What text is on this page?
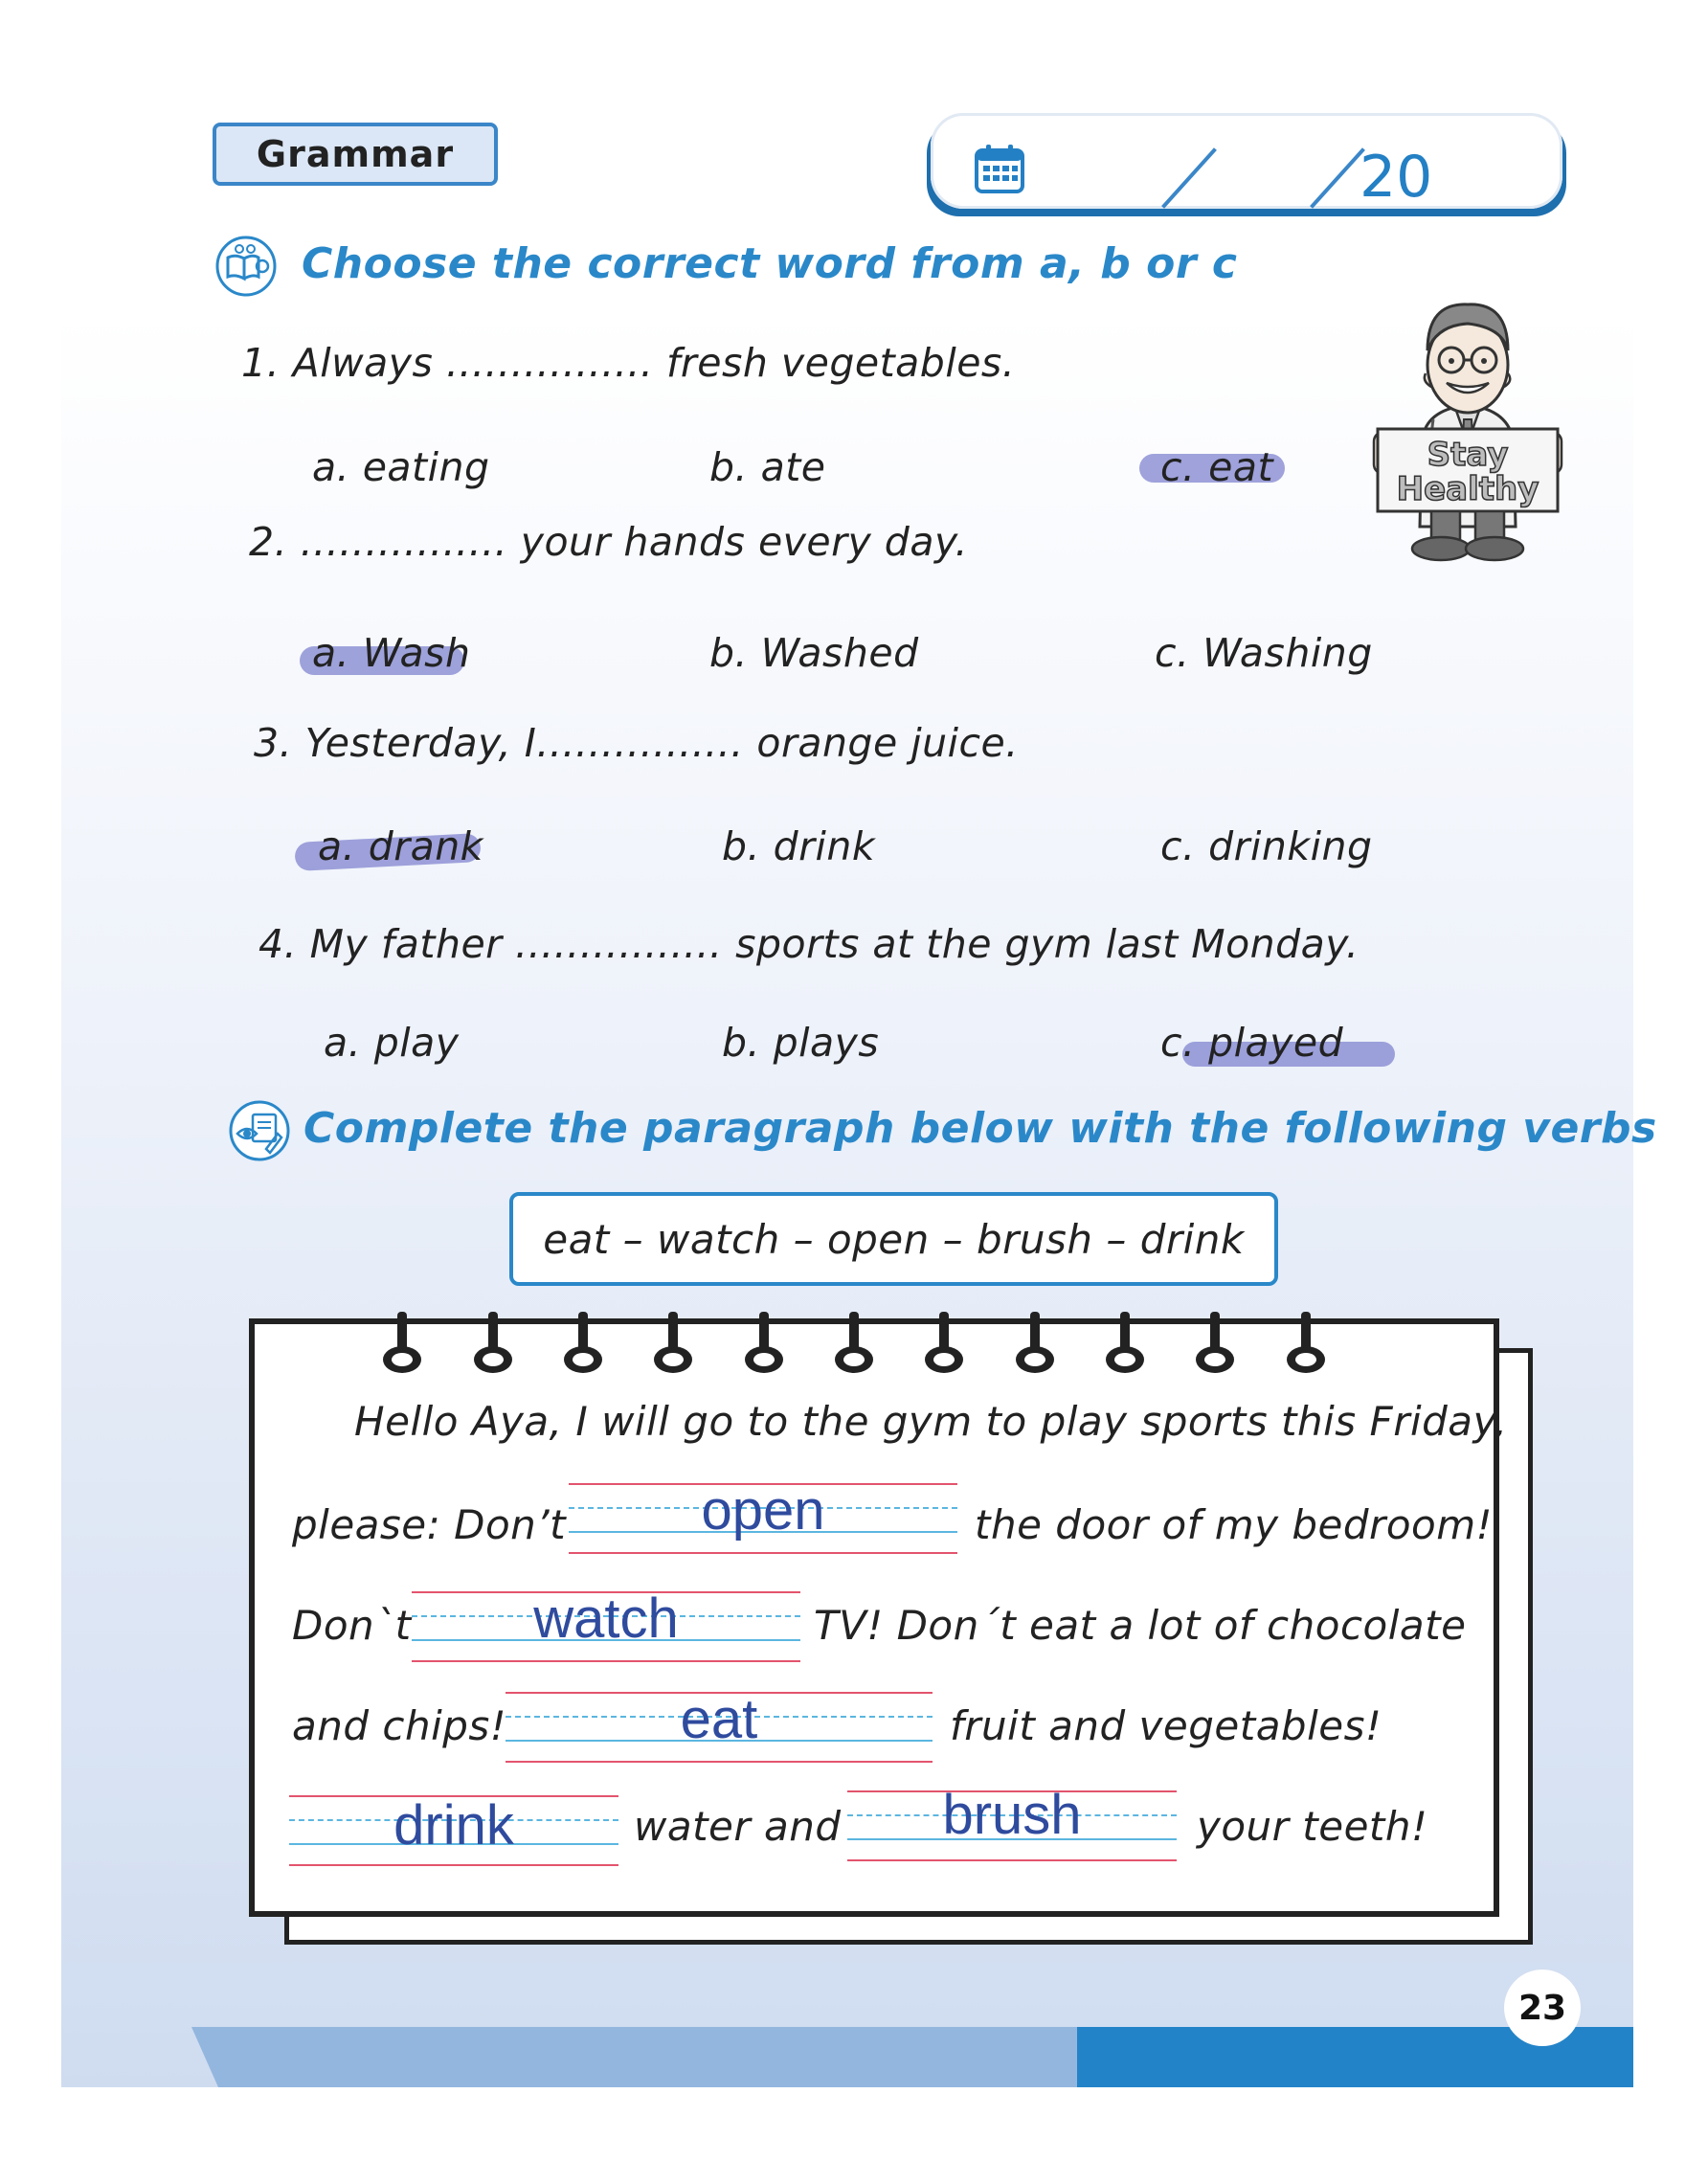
23
Grammar	20
Choose the correct word from a, b or c
1. Always ................ fresh vegetables.
a. eating	b. ate	c. eat
2. ................ your hands every day.
a. Wash	b. Washed	c. Washing
3. Yesterday, I................ orange juice.
a. drank	b. drink	c. drinking
4. My father ................ sports at the gym last Monday.
a. play	b. plays	c. played
Stay
Healthy
Complete the paragraph below with the following verbs
eat – watch – open – brush – drink
Hello Aya, I will go to the gym to play sports this Friday,
please: Don’t	open	the door of my bedroom!
Don`t	watch	TV! Don´t eat a lot of chocolate
and chips!	eat	fruit and vegetables!
drink	water and	brush	your teeth!
